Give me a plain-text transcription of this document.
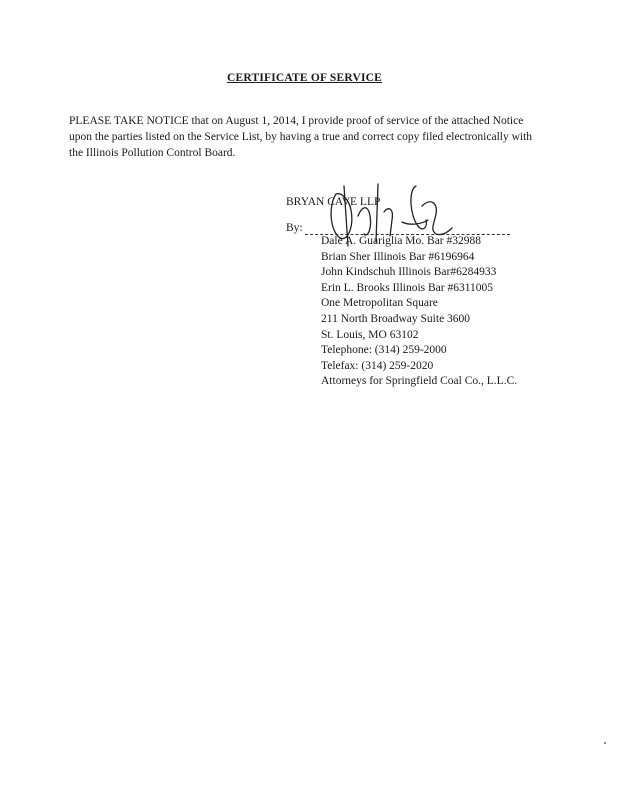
CERTIFICATE OF SERVICE
PLEASE TAKE NOTICE that on August 1, 2014, I provide proof of service of the attached Notice upon the parties listed on the Service List, by having a true and correct copy filed electronically with the Illinois Pollution Control Board.
BRYAN CAVE LLP
By:
Dale A. Guariglia Mo. Bar #32988
Brian Sher Illinois Bar #6196964
John Kindschuh Illinois Bar#6284933
Erin L. Brooks Illinois Bar #6311005
One Metropolitan Square
211 North Broadway Suite 3600
St. Louis, MO 63102
Telephone: (314) 259-2000
Telefax: (314) 259-2020
Attorneys for Springfield Coal Co., L.L.C.
